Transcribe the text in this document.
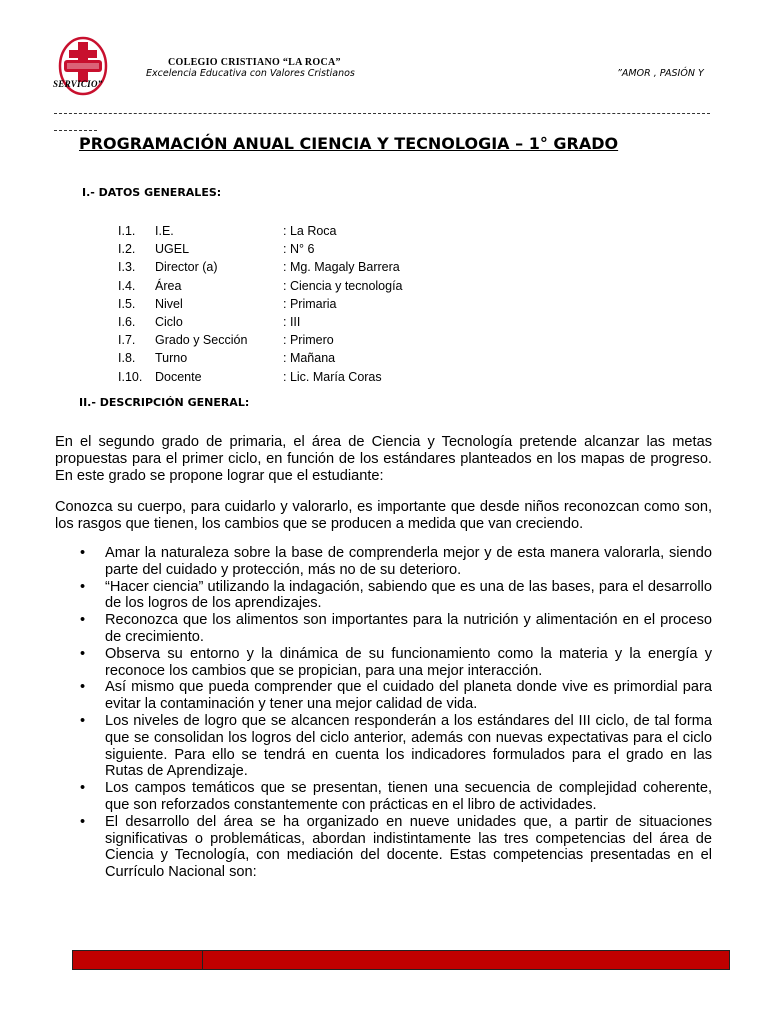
SERVICIO”
COLEGIO CRISTIANO “LA ROCA”
Excelencia Educativa con Valores Cristianos	”AMOR , PASIÓN Y
PROGRAMACIÓN ANUAL CIENCIA Y TECNOLOGIA – 1° GRADO
I.- DATOS GENERALES:
I.1.	I.E.	: La Roca
I.2.	UGEL	: N° 6
I.3.	Director (a)	: Mg. Magaly Barrera
I.4.	Área	: Ciencia y tecnología
I.5.	Nivel	: Primaria
I.6.	Ciclo	: III
I.7.	Grado y Sección	: Primero
I.8.	Turno	: Mañana
I.10.	Docente	: Lic. María Coras
II.- DESCRIPCIÓN GENERAL:
En el segundo grado de primaria, el área de Ciencia y Tecnología pretende alcanzar las metas propuestas para el primer ciclo, en función de los estándares planteados en los mapas de progreso. En este grado se propone lograr que el estudiante:
Conozca su cuerpo, para cuidarlo y valorarlo, es importante que desde niños reconozcan como son, los rasgos que tienen, los cambios que se producen a medida que van creciendo.
• Amar la naturaleza sobre la base de comprenderla mejor y de esta manera valorarla, siendo parte del cuidado y protección, más no de su deterioro.
• “Hacer ciencia” utilizando la indagación, sabiendo que es una de las bases, para el desarrollo de los logros de los aprendizajes.
• Reconozca que los alimentos son importantes para la nutrición y alimentación en el proceso de crecimiento.
• Observa su entorno y la dinámica de su funcionamiento como la materia y la energía y reconoce los cambios que se propician, para una mejor interacción.
• Así mismo que pueda comprender que el cuidado del planeta donde vive es primordial para evitar la contaminación y tener una mejor calidad de vida.
• Los niveles de logro que se alcancen responderán a los estándares del III ciclo, de tal forma que se consolidan los logros del ciclo anterior, además con nuevas expectativas para el ciclo siguiente. Para ello se tendrá en cuenta los indicadores formulados para el grado en las Rutas de Aprendizaje.
• Los campos temáticos que se presentan, tienen una secuencia de complejidad coherente, que son reforzados constantemente con prácticas en el libro de actividades.
• El desarrollo del área se ha organizado en nueve unidades que, a partir de situaciones significativas o problemáticas, abordan indistintamente las tres competencias del área de Ciencia y Tecnología, con mediación del docente. Estas competencias presentadas en el Currículo Nacional son:
